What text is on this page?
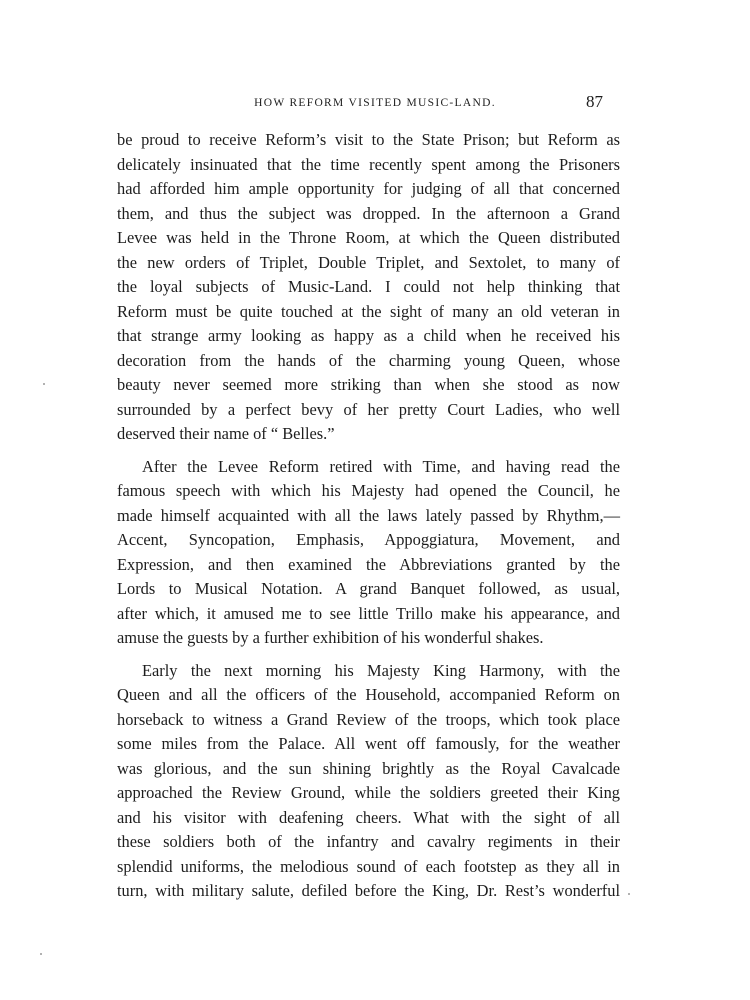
HOW REFORM VISITED MUSIC-LAND.	87

be proud to receive Reform’s visit to the State Prison; but Reform as
delicately insinuated that the time recently spent among the Prisoners
had afforded him ample opportunity for judging of all that concerned
them, and thus the subject was dropped. In the afternoon a Grand
Levee was held in the Throne Room, at which the Queen distributed
the new orders of Triplet, Double Triplet, and Sextolet, to many of
the loyal subjects of Music-Land. I could not help thinking that
Reform must be quite touched at the sight of many an old veteran in
that strange army looking as happy as a child when he received his
decoration from the hands of the charming young Queen, whose
beauty never seemed more striking than when she stood as now
surrounded by a perfect bevy of her pretty Court Ladies, who well
deserved their name of “ Belles.”

After the Levee Reform retired with Time, and having read the
famous speech with which his Majesty had opened the Council, he
made himself acquainted with all the laws lately passed by Rhythm,—
Accent, Syncopation, Emphasis, Appoggiatura, Movement, and
Expression, and then examined the Abbreviations granted by the
Lords to Musical Notation. A grand Banquet followed, as usual,
after which, it amused me to see little Trillo make his appearance, and
amuse the guests by a further exhibition of his wonderful shakes.

Early the next morning his Majesty King Harmony, with the
Queen and all the officers of the Household, accompanied Reform on
horseback to witness a Grand Review of the troops, which took place
some miles from the Palace. All went off famously, for the weather
was glorious, and the sun shining brightly as the Royal Cavalcade
approached the Review Ground, while the soldiers greeted their King
and his visitor with deafening cheers. What with the sight of all
these soldiers both of the infantry and cavalry regiments in their
splendid uniforms, the melodious sound of each footstep as they all in
turn, with military salute, defiled before the King, Dr. Rest’s wonderful
